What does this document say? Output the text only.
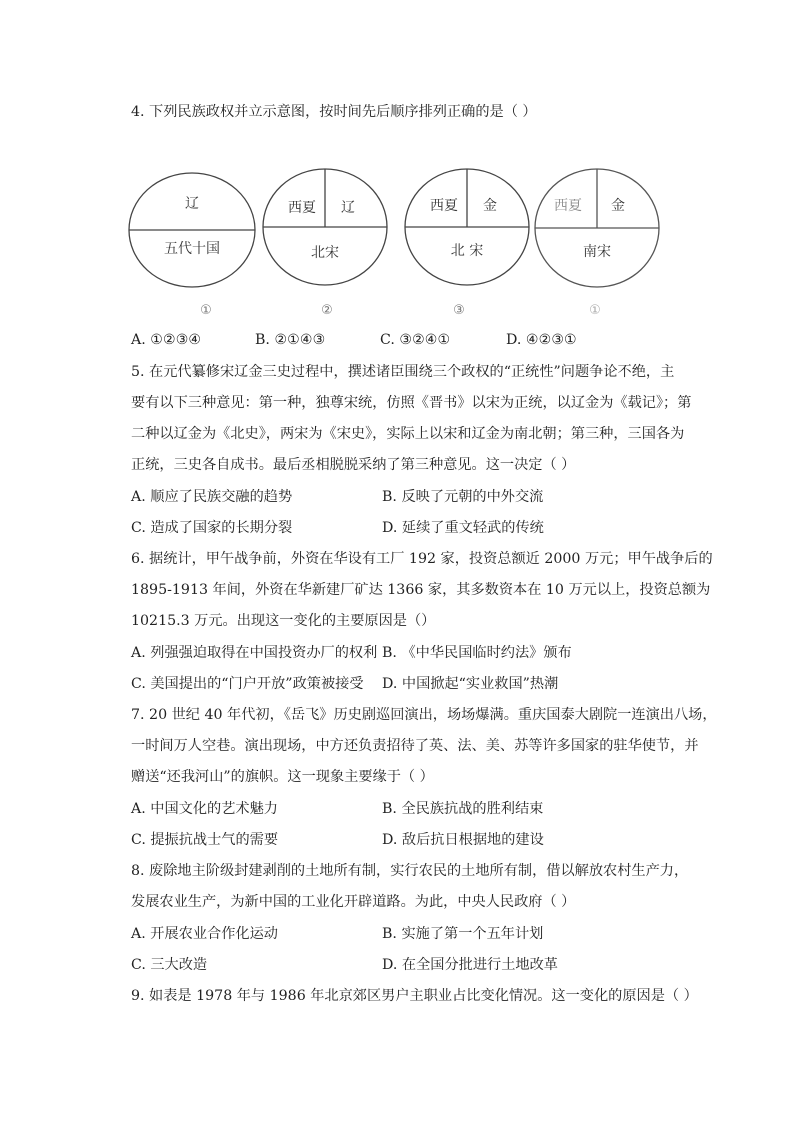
4. 下列民族政权并立示意图，按时间先后顺序排列正确的是（ ）
辽
五代十国
西夏 辽
北宋
西夏 金
北 宋
西夏 金
南宋
①	②	③	①
A. ①②③④	B. ②①④③	C. ③②④①	D. ④②③①
5. 在元代纂修宋辽金三史过程中，撰述诸臣围绕三个政权的“正统性”问题争论不绝，主
要有以下三种意见：第一种，独尊宋统，仿照《晋书》以宋为正统，以辽金为《载记》；第
二种以辽金为《北史》，两宋为《宋史》，实际上以宋和辽金为南北朝；第三种，三国各为
正统，三史各自成书。最后丞相脱脱采纳了第三种意见。这一决定（ ）
A. 顺应了民族交融的趋势	B. 反映了元朝的中外交流
C. 造成了国家的长期分裂	D. 延续了重文轻武的传统
6. 据统计，甲午战争前，外资在华设有工厂 192 家，投资总额近 2000 万元；甲午战争后的
1895-1913 年间，外资在华新建厂矿达 1366 家，其多数资本在 10 万元以上，投资总额为
10215.3 万元。出现这一变化的主要原因是（）
A. 列强强迫取得在中国投资办厂的权利 B. 《中华民国临时约法》颁布
C. 美国提出的“门户开放”政策被接受 D. 中国掀起“实业救国”热潮
7. 20 世纪 40 年代初，《岳飞》历史剧巡回演出，场场爆满。重庆国泰大剧院一连演出八场，
一时间万人空巷。演出现场，中方还负责招待了英、法、美、苏等许多国家的驻华使节，并
赠送“还我河山”的旗帜。这一现象主要缘于（ ）
A. 中国文化的艺术魅力	B. 全民族抗战的胜利结束
C. 提振抗战士气的需要	D. 敌后抗日根据地的建设
8. 废除地主阶级封建剥削的土地所有制，实行农民的土地所有制，借以解放农村生产力，
发展农业生产，为新中国的工业化开辟道路。为此，中央人民政府（ ）
A. 开展农业合作化运动	B. 实施了第一个五年计划
C. 三大改造	D. 在全国分批进行土地改革
9. 如表是 1978 年与 1986 年北京郊区男户主职业占比变化情况。这一变化的原因是（ ）
